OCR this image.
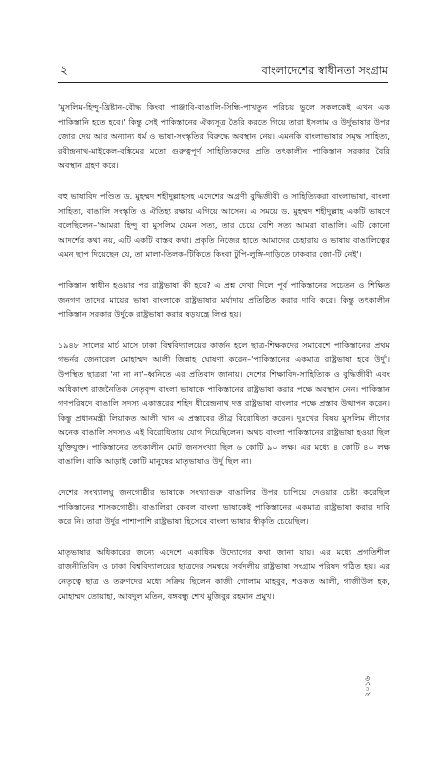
২	বাংলাদেশের স্বাধীনতা সংগ্রাম

'মুসলিম-হিন্দু-খ্রিষ্টান-বৌদ্ধ কিংবা পাঞ্জাবি-বাঙালি-সিন্ধি-পাখতুন পরিচয় ভুলে সকলকেই এখন এক পাকিস্তানি হতে হবে।' কিন্তু সেই পাকিস্তানের ঐক্যসূত্র তৈরি করতে গিয়ে তারা ইসলাম ও উর্দুভাষার উপর জোর দেয় আর অন্যান্য ধর্ম ও ভাষা-সংস্কৃতির বিরুদ্ধে অবস্থান নেয়। এমনকি বাংলাভাষার সমৃদ্ধ সাহিত্য, রবীন্দ্রনাথ-মাইকেল-বঙ্কিমের মতো গুরুত্বপূর্ণ সাহিত্যিকদের প্রতি তৎকালীন পাকিস্তান সরকার বৈরি অবস্থান গ্রহণ করে।

বহু ভাষাবিদ পণ্ডিত ড. মুহম্মদ শহীদুল্লাহসহ এদেশের অগ্রণী বুদ্ধিজীবী ও সাহিত্যিকরা বাংলাভাষা, বাংলা সাহিত্য, বাঙালি সংস্কৃতি ও ঐতিহ্য রক্ষায় এগিয়ে আসেন। এ সময়ে ড. মুহম্মদ শহীদুল্লাহ একটি ভাষণে বলেছিলেন–'আমরা হিন্দু বা মুসলিম যেমন সত্য, তার চেয়ে বেশি সত্য আমরা বাঙালি। এটি কোনো আদর্শের কথা নয়, এটি একটি বাস্তব কথা। প্রকৃতি নিজের হাতে আমাদের চেহারায় ও ভাষায় বাঙালিত্বের এমন ছাপ দিয়েছেন যে, তা মালা-তিলক-টিকিতে কিংবা টুপি-লুঙ্গি-দাড়িতে ঢাকবার জো-টি নেই'।

পাকিস্তান স্বাধীন হওয়ার পর রাষ্ট্রভাষা কী হবে? এ প্রশ্ন দেখা দিলে পূর্ব পাকিস্তানের সচেতন ও শিক্ষিত জনগণ তাদের মায়ের ভাষা বাংলাকে রাষ্ট্রভাষার মর্যাদায় প্রতিষ্ঠিত করার দাবি করে। কিন্তু তৎকালীন পাকিস্তান সরকার উর্দুকে রাষ্ট্রভাষা করার ষড়যন্ত্রে লিপ্ত হয়।

১৯৪৮ সালের মার্চ মাসে ঢাকা বিশ্ববিদ্যালয়ের কার্জন হলে ছাত্র-শিক্ষকদের সমাবেশে পাকিস্তানের প্রথম গভর্নর জেনারেল মোহাম্মদ আলী জিন্নাহ ঘোষণা করেন–'পাকিস্তানের একমাত্র রাষ্ট্রভাষা হবে উর্দু'। উপস্থিত ছাত্ররা 'না না না'–ধ্বনিতে এর প্রতিবাদ জানায়। দেশের শিক্ষাবিদ-সাহিত্যিক ও বুদ্ধিজীবী এবং অধিকাংশ রাজনৈতিক নেতৃবৃন্দ বাংলা ভাষাকে পাকিস্তানের রাষ্ট্রভাষা করার পক্ষে অবস্থান নেন। পাকিস্তান গণপরিষদে বাঙালি সদস্য একাত্তরের শহিদ ধীরেন্দ্রনাথ দত্ত রাষ্ট্রভাষা বাংলার পক্ষে প্রস্তাব উত্থাপন করেন। কিন্তু প্রধানমন্ত্রী লিয়াকত আলী খান এ প্রস্তাবের তীব্র বিরোধিতা করেন। দুঃখের বিষয় মুসলিম লীগের অনেক বাঙালি সদস্যও এই বিরোধিতায় যোগ দিয়েছিলেন। অথচ বাংলা পাকিস্তানের রাষ্ট্রভাষা হওয়া ছিল যুক্তিযুক্ত। পাকিস্তানের তৎকালীন মোট জনসংখ্যা ছিল ৬ কোটি ৯০ লক্ষ। এর মধ্যে ৪ কোটি ৪০ লক্ষ বাঙালি। বাকি আড়াই কোটি মানুষের মাতৃভাষাও উর্দু ছিল না।

দেশের সংখ্যালঘু জনগোষ্ঠীর ভাষাকে সংখ্যাগুরু বাঙালির উপর চাপিয়ে দেওয়ার চেষ্টা করেছিল পাকিস্তানের শাসকগোষ্ঠী। বাঙালিরা কেবল বাংলা ভাষাকেই পাকিস্তানের একমাত্র রাষ্ট্রভাষা করার দাবি করে নি। তারা উর্দুর পাশাপাশি রাষ্ট্রভাষা হিসেবে বাংলা ভাষার স্বীকৃতি চেয়েছিল।

মাতৃভাষার অধিকারের জন্যে এদেশে একাধিক উদ্যোগের কথা জানা যায়। এর মধ্যে প্রগতিশীল রাজনীতিবিদ ও ঢাকা বিশ্ববিদ্যালয়ের ছাত্রদের সমন্বয়ে সর্বদলীয় রাষ্ট্রভাষা সংগ্রাম পরিষদ গঠিত হয়। এর নেতৃত্বে ছাত্র ও তরুণদের মধ্যে সক্রিয় ছিলেন কাজী গোলাম মাহবুব, শওকত আলী, গাজীউল হক, মোহাম্মদ তোয়াহা, আবদুল মতিন, বঙ্গবন্ধু শেখ মুজিবুর রহমান প্রমুখ।

২০১৬
